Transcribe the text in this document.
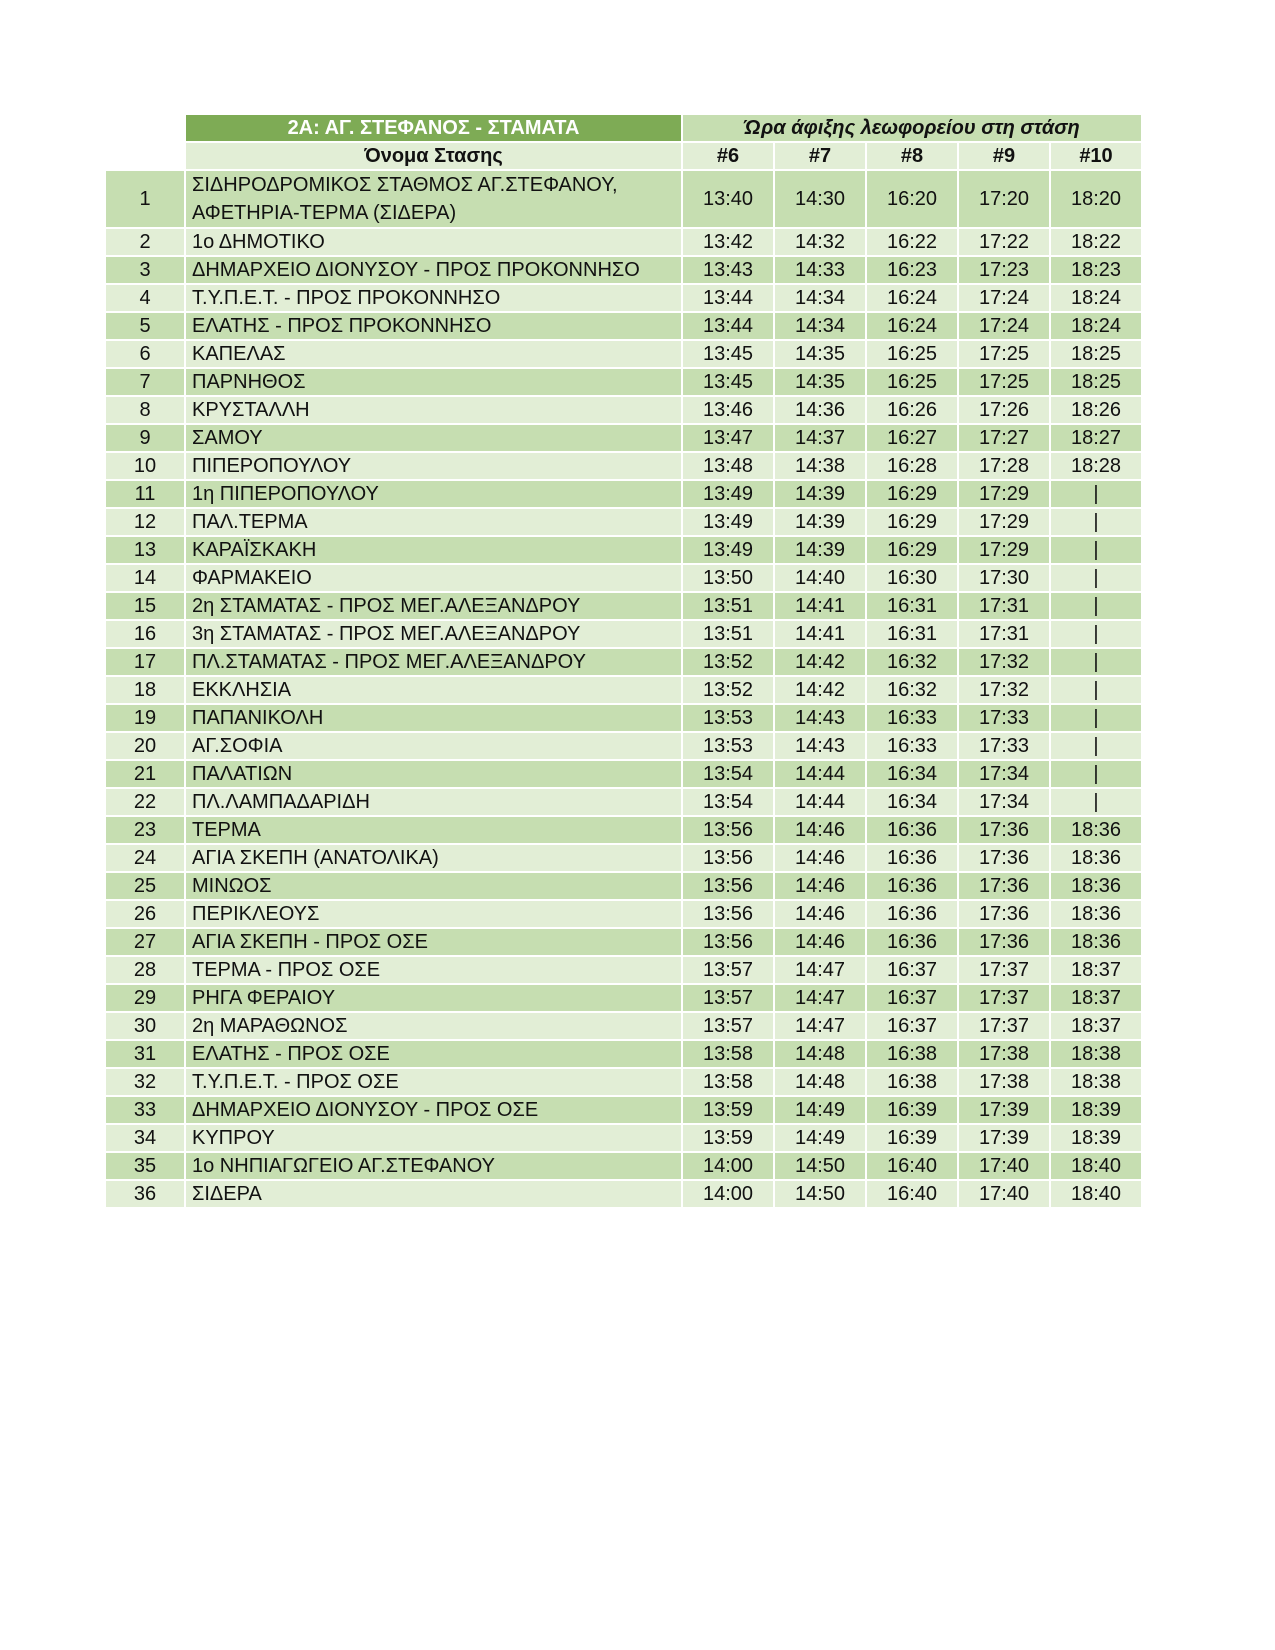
	2Α: ΑΓ. ΣΤΕΦΑΝΟΣ - ΣΤΑΜΑΤΑ	Ώρα άφιξης λεωφορείου στη στάση				
	Όνομα Στασης	#6	#7	#8	#9	#10
1	ΣΙΔΗΡΟΔΡΟΜΙΚΟΣ ΣΤΑΘΜΟΣ ΑΓ.ΣΤΕΦΑΝΟΥ,
ΑΦΕΤΗΡΙΑ-ΤΕΡΜΑ (ΣΙΔΕΡΑ)	13:40	14:30	16:20	17:20	18:20
2	1ο ΔΗΜΟΤΙΚΟ	13:42	14:32	16:22	17:22	18:22
3	ΔΗΜΑΡΧΕΙΟ ΔΙΟΝΥΣΟΥ - ΠΡΟΣ ΠΡΟΚΟΝΝΗΣΟ	13:43	14:33	16:23	17:23	18:23
4	Τ.Υ.Π.Ε.Τ. - ΠΡΟΣ ΠΡΟΚΟΝΝΗΣΟ	13:44	14:34	16:24	17:24	18:24
5	ΕΛΑΤΗΣ - ΠΡΟΣ ΠΡΟΚΟΝΝΗΣΟ	13:44	14:34	16:24	17:24	18:24
6	ΚΑΠΕΛΑΣ	13:45	14:35	16:25	17:25	18:25
7	ΠΑΡΝΗΘΟΣ	13:45	14:35	16:25	17:25	18:25
8	ΚΡΥΣΤΑΛΛΗ	13:46	14:36	16:26	17:26	18:26
9	ΣΑΜΟΥ	13:47	14:37	16:27	17:27	18:27
10	ΠΙΠΕΡΟΠΟΥΛΟΥ	13:48	14:38	16:28	17:28	18:28
11	1η ΠΙΠΕΡΟΠΟΥΛΟΥ	13:49	14:39	16:29	17:29	|
12	ΠΑΛ.ΤΕΡΜΑ	13:49	14:39	16:29	17:29	|
13	ΚΑΡΑΪΣΚΑΚΗ	13:49	14:39	16:29	17:29	|
14	ΦΑΡΜΑΚΕΙΟ	13:50	14:40	16:30	17:30	|
15	2η ΣΤΑΜΑΤΑΣ - ΠΡΟΣ ΜΕΓ.ΑΛΕΞΑΝΔΡΟΥ	13:51	14:41	16:31	17:31	|
16	3η ΣΤΑΜΑΤΑΣ - ΠΡΟΣ ΜΕΓ.ΑΛΕΞΑΝΔΡΟΥ	13:51	14:41	16:31	17:31	|
17	ΠΛ.ΣΤΑΜΑΤΑΣ - ΠΡΟΣ ΜΕΓ.ΑΛΕΞΑΝΔΡΟΥ	13:52	14:42	16:32	17:32	|
18	ΕΚΚΛΗΣΙΑ	13:52	14:42	16:32	17:32	|
19	ΠΑΠΑΝΙΚΟΛΗ	13:53	14:43	16:33	17:33	|
20	ΑΓ.ΣΟΦΙΑ	13:53	14:43	16:33	17:33	|
21	ΠΑΛΑΤΙΩΝ	13:54	14:44	16:34	17:34	|
22	ΠΛ.ΛΑΜΠΑΔΑΡΙΔΗ	13:54	14:44	16:34	17:34	|
23	ΤΕΡΜΑ	13:56	14:46	16:36	17:36	18:36
24	ΑΓΙΑ ΣΚΕΠΗ (ΑΝΑΤΟΛΙΚΑ)	13:56	14:46	16:36	17:36	18:36
25	ΜΙΝΩΟΣ	13:56	14:46	16:36	17:36	18:36
26	ΠΕΡΙΚΛΕΟΥΣ	13:56	14:46	16:36	17:36	18:36
27	ΑΓΙΑ ΣΚΕΠΗ - ΠΡΟΣ ΟΣΕ	13:56	14:46	16:36	17:36	18:36
28	ΤΕΡΜΑ - ΠΡΟΣ ΟΣΕ	13:57	14:47	16:37	17:37	18:37
29	ΡΗΓΑ ΦΕΡΑΙΟΥ	13:57	14:47	16:37	17:37	18:37
30	2η ΜΑΡΑΘΩΝΟΣ	13:57	14:47	16:37	17:37	18:37
31	ΕΛΑΤΗΣ - ΠΡΟΣ ΟΣΕ	13:58	14:48	16:38	17:38	18:38
32	Τ.Υ.Π.Ε.Τ. - ΠΡΟΣ ΟΣΕ	13:58	14:48	16:38	17:38	18:38
33	ΔΗΜΑΡΧΕΙΟ ΔΙΟΝΥΣΟΥ - ΠΡΟΣ ΟΣΕ	13:59	14:49	16:39	17:39	18:39
34	ΚΥΠΡΟΥ	13:59	14:49	16:39	17:39	18:39
35	1ο ΝΗΠΙΑΓΩΓΕΙΟ ΑΓ.ΣΤΕΦΑΝΟΥ	14:00	14:50	16:40	17:40	18:40
36	ΣΙΔΕΡΑ	14:00	14:50	16:40	17:40	18:40
